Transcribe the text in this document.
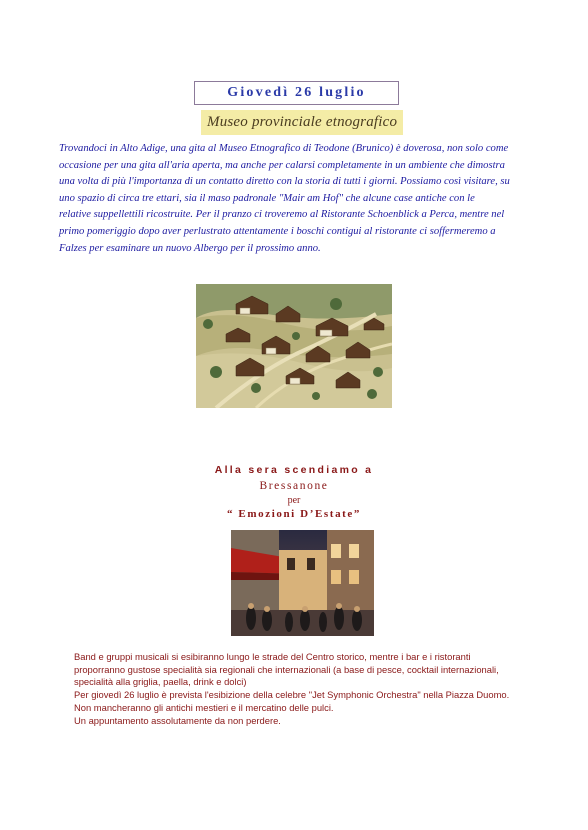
Giovedì 26 luglio
Museo provinciale etnografico

Trovandoci in Alto Adige, una gita al Museo Etnografico di Teodone (Brunico) è doverosa, non solo come

occasione per una gita all'aria aperta, ma anche per calarsi completamente in un ambiente che dimostra

una volta di più l'importanza di un contatto diretto con la storia di tutti i giorni. Possiamo così visitare, su

uno spazio di circa tre ettari, sia il maso padronale "Mair am Hof" che alcune case antiche con le

relative suppellettili ricostruite. Per il pranzo ci troveremo al Ristorante Schoenblick a Perca, mentre nel

primo pomeriggio dopo aver perlustrato attentamente i boschi contigui al ristorante ci soffermeremo a

Falzes per esaminare un nuovo Albergo per il prossimo anno.

Alla sera scendiamo a
Bressanone
per
“ Emozioni D’Estate”

Band e gruppi musicali si esibiranno lungo le strade del Centro storico, mentre i bar e i ristoranti

proporranno gustose specialità sia regionali che internazionali (a base di pesce, cocktail internazionali,

specialità alla griglia, paella, drink e dolci)

Per giovedì 26 luglio è prevista l'esibizione della celebre "Jet Symphonic Orchestra" nella Piazza Duomo.

Non mancheranno gli antichi mestieri e il mercatino delle pulci.

Un appuntamento assolutamente da non perdere.
